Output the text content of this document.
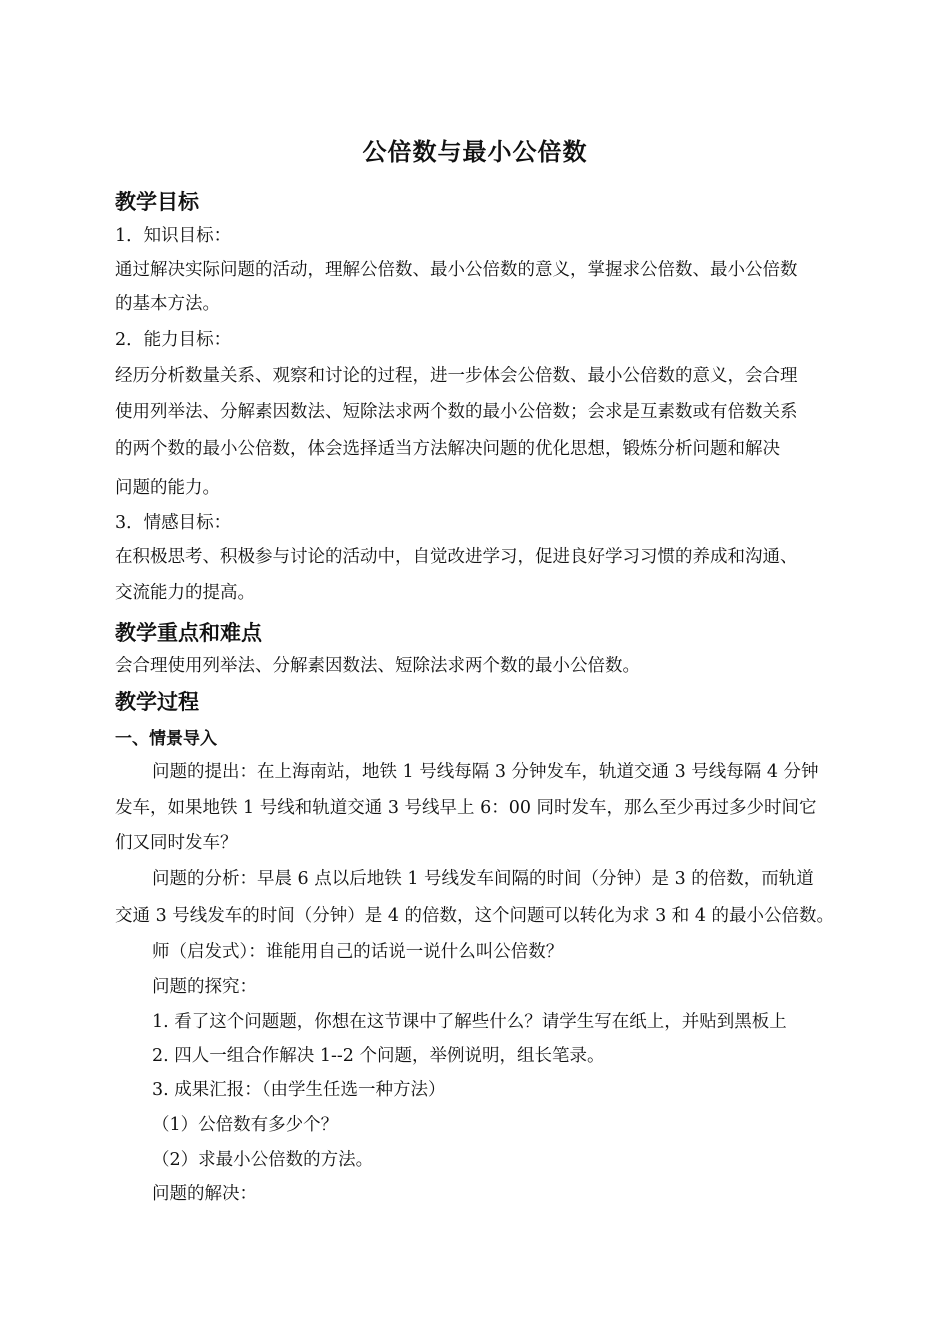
公倍数与最小公倍数
教学目标
1．知识目标：
通过解决实际问题的活动，理解公倍数、最小公倍数的意义，掌握求公倍数、最小公倍数
的基本方法。
2．能力目标：
经历分析数量关系、观察和讨论的过程，进一步体会公倍数、最小公倍数的意义，会合理
使用列举法、分解素因数法、短除法求两个数的最小公倍数；会求是互素数或有倍数关系
的两个数的最小公倍数，体会选择适当方法解决问题的优化思想，锻炼分析问题和解决
问题的能力。
3．情感目标：
在积极思考、积极参与讨论的活动中，自觉改进学习，促进良好学习习惯的养成和沟通、
交流能力的提高。
教学重点和难点
会合理使用列举法、分解素因数法、短除法求两个数的最小公倍数。
教学过程
一、情景导入
问题的提出：在上海南站，地铁 1 号线每隔 3 分钟发车，轨道交通 3 号线每隔 4 分钟
发车，如果地铁 1 号线和轨道交通 3 号线早上 6：00 同时发车，那么至少再过多少时间它
们又同时发车？
问题的分析：早晨 6 点以后地铁 1 号线发车间隔的时间（分钟）是 3 的倍数，而轨道
交通 3 号线发车的时间（分钟）是 4 的倍数，这个问题可以转化为求 3 和 4 的最小公倍数。
师（启发式）：谁能用自己的话说一说什么叫公倍数？
问题的探究：
1. 看了这个问题题，你想在这节课中了解些什么？请学生写在纸上，并贴到黑板上
2. 四人一组合作解决 1--2 个问题，举例说明，组长笔录。
3. 成果汇报：（由学生任选一种方法）
（1）公倍数有多少个？
（2）求最小公倍数的方法。
问题的解决：
